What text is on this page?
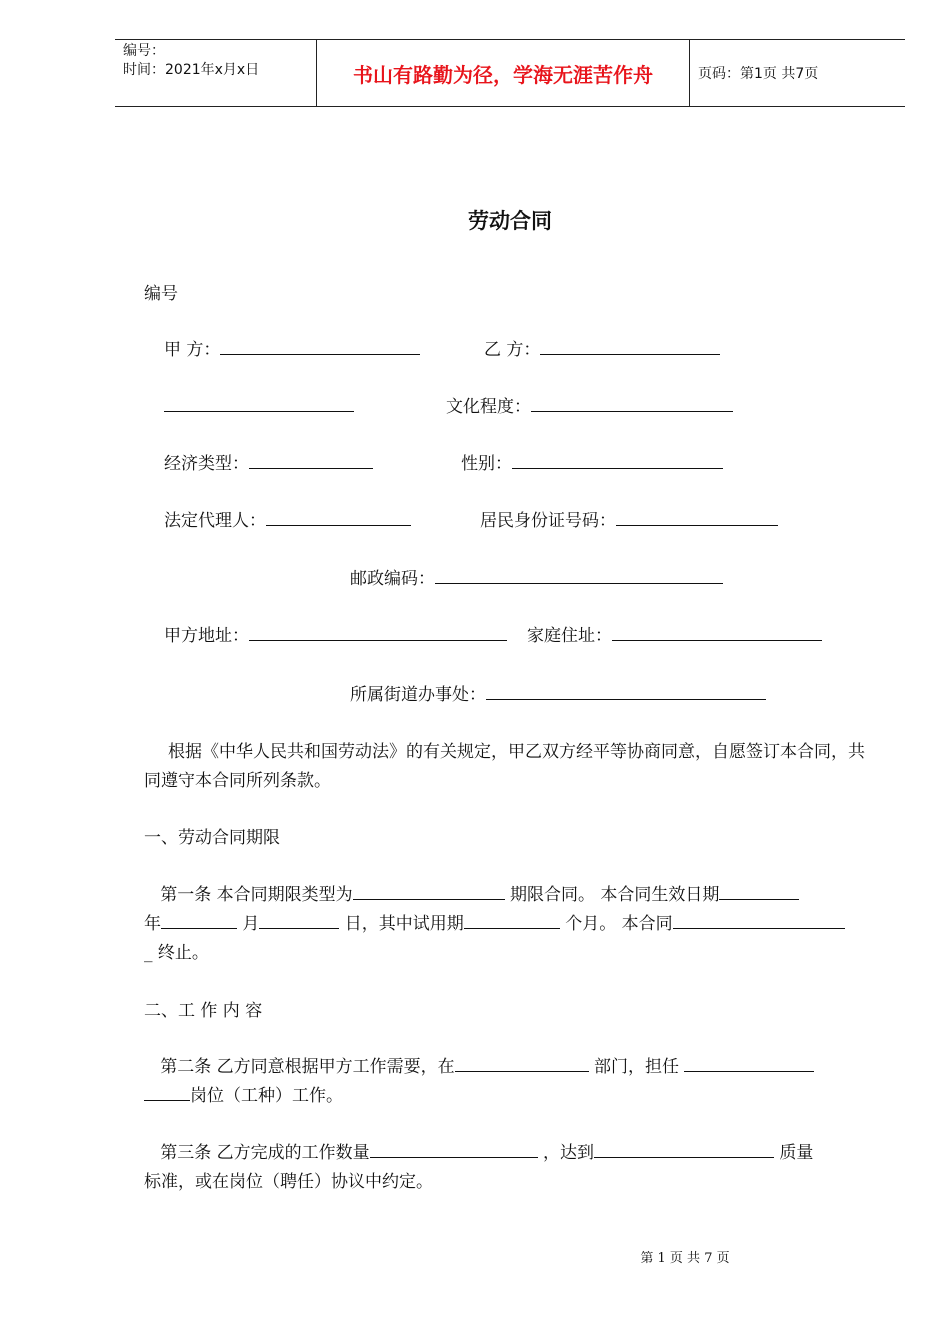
编号：
时间：2021年x月x日	书山有路勤为径，学海无涯苦作舟	页码：第1页 共7页
劳动合同
编号
甲 方：	乙 方：
文化程度：
经济类型：	性别：
法定代理人：	居民身份证号码：
邮政编码：
甲方地址：	家庭住址：
所属街道办事处：
根据《中华人民共和国劳动法》的有关规定，甲乙双方经平等协商同意，自愿签订本合同，共同遵守本合同所列条款。
一、劳动合同期限
第一条 本合同期限类型为	期限合同。 本合同生效日期
年	月	日，其中试用期	个月。 本合同
_ 终止。
二、工 作 内 容
第二条 乙方同意根据甲方工作需要，在	部门，担任
岗位（工种）工作。
第三条 乙方完成的工作数量	，达到	质量
标准，或在岗位（聘任）协议中约定。
第 1 页 共 7 页
